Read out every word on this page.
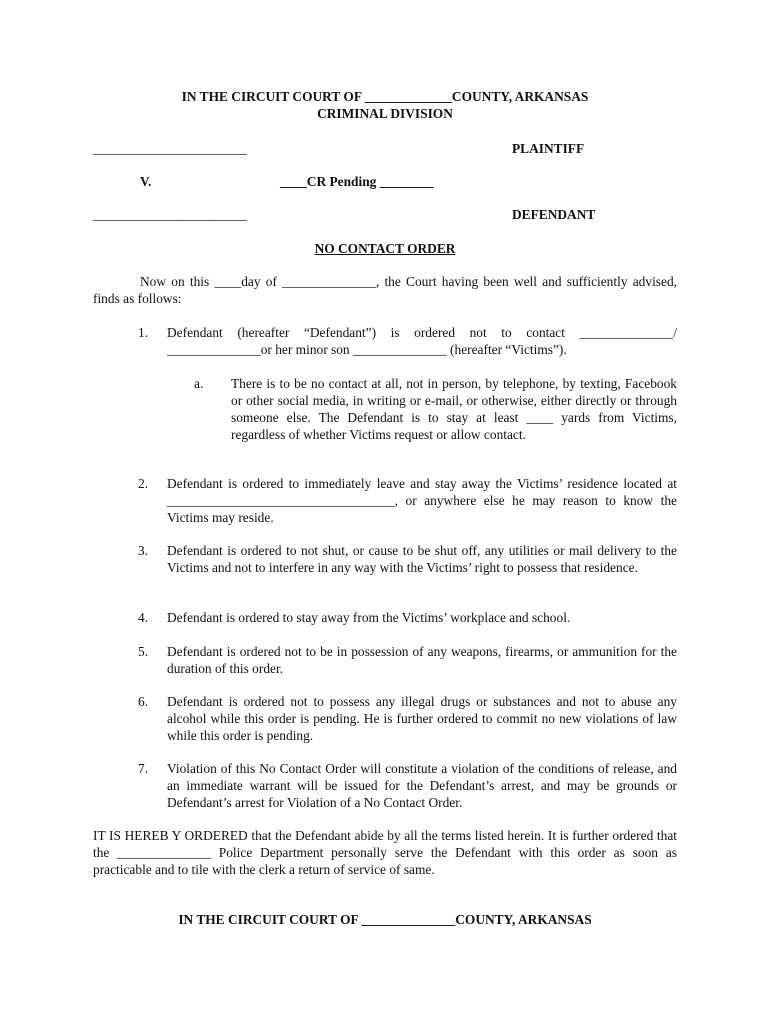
IN THE CIRCUIT COURT OF _____________COUNTY, ARKANSAS
CRIMINAL DIVISION
_______________________	PLAINTIFF
V.	____CR Pending ________
_______________________	DEFENDANT
NO CONTACT ORDER
Now on this ____day of ______________, the Court having been well and sufficiently advised, finds as follows:
1. Defendant (hereafter “Defendant”) is ordered not to contact ______________/ ______________or her minor son ______________ (hereafter “Victims”).
a. There is to be no contact at all, not in person, by telephone, by texting, Facebook or other social media, in writing or e-mail, or otherwise, either directly or through someone else. The Defendant is to stay at least ____ yards from Victims, regardless of whether Victims request or allow contact.
2. Defendant is ordered to immediately leave and stay away the Victims’ residence located at __________________________________, or anywhere else he may reason to know the Victims may reside.
3. Defendant is ordered to not shut, or cause to be shut off, any utilities or mail delivery to the Victims and not to interfere in any way with the Victims’ right to possess that residence.
4. Defendant is ordered to stay away from the Victims’ workplace and school.
5. Defendant is ordered not to be in possession of any weapons, firearms, or ammunition for the duration of this order.
6. Defendant is ordered not to possess any illegal drugs or substances and not to abuse any alcohol while this order is pending. He is further ordered to commit no new violations of law while this order is pending.
7. Violation of this No Contact Order will constitute a violation of the conditions of release, and an immediate warrant will be issued for the Defendant’s arrest, and may be grounds or Defendant’s arrest for Violation of a No Contact Order.
IT IS HEREB Y ORDERED that the Defendant abide by all the terms listed herein. It is further ordered that the ______________ Police Department personally serve the Defendant with this order as soon as practicable and to tile with the clerk a return of service of same.
IN THE CIRCUIT COURT OF ______________COUNTY, ARKANSAS
